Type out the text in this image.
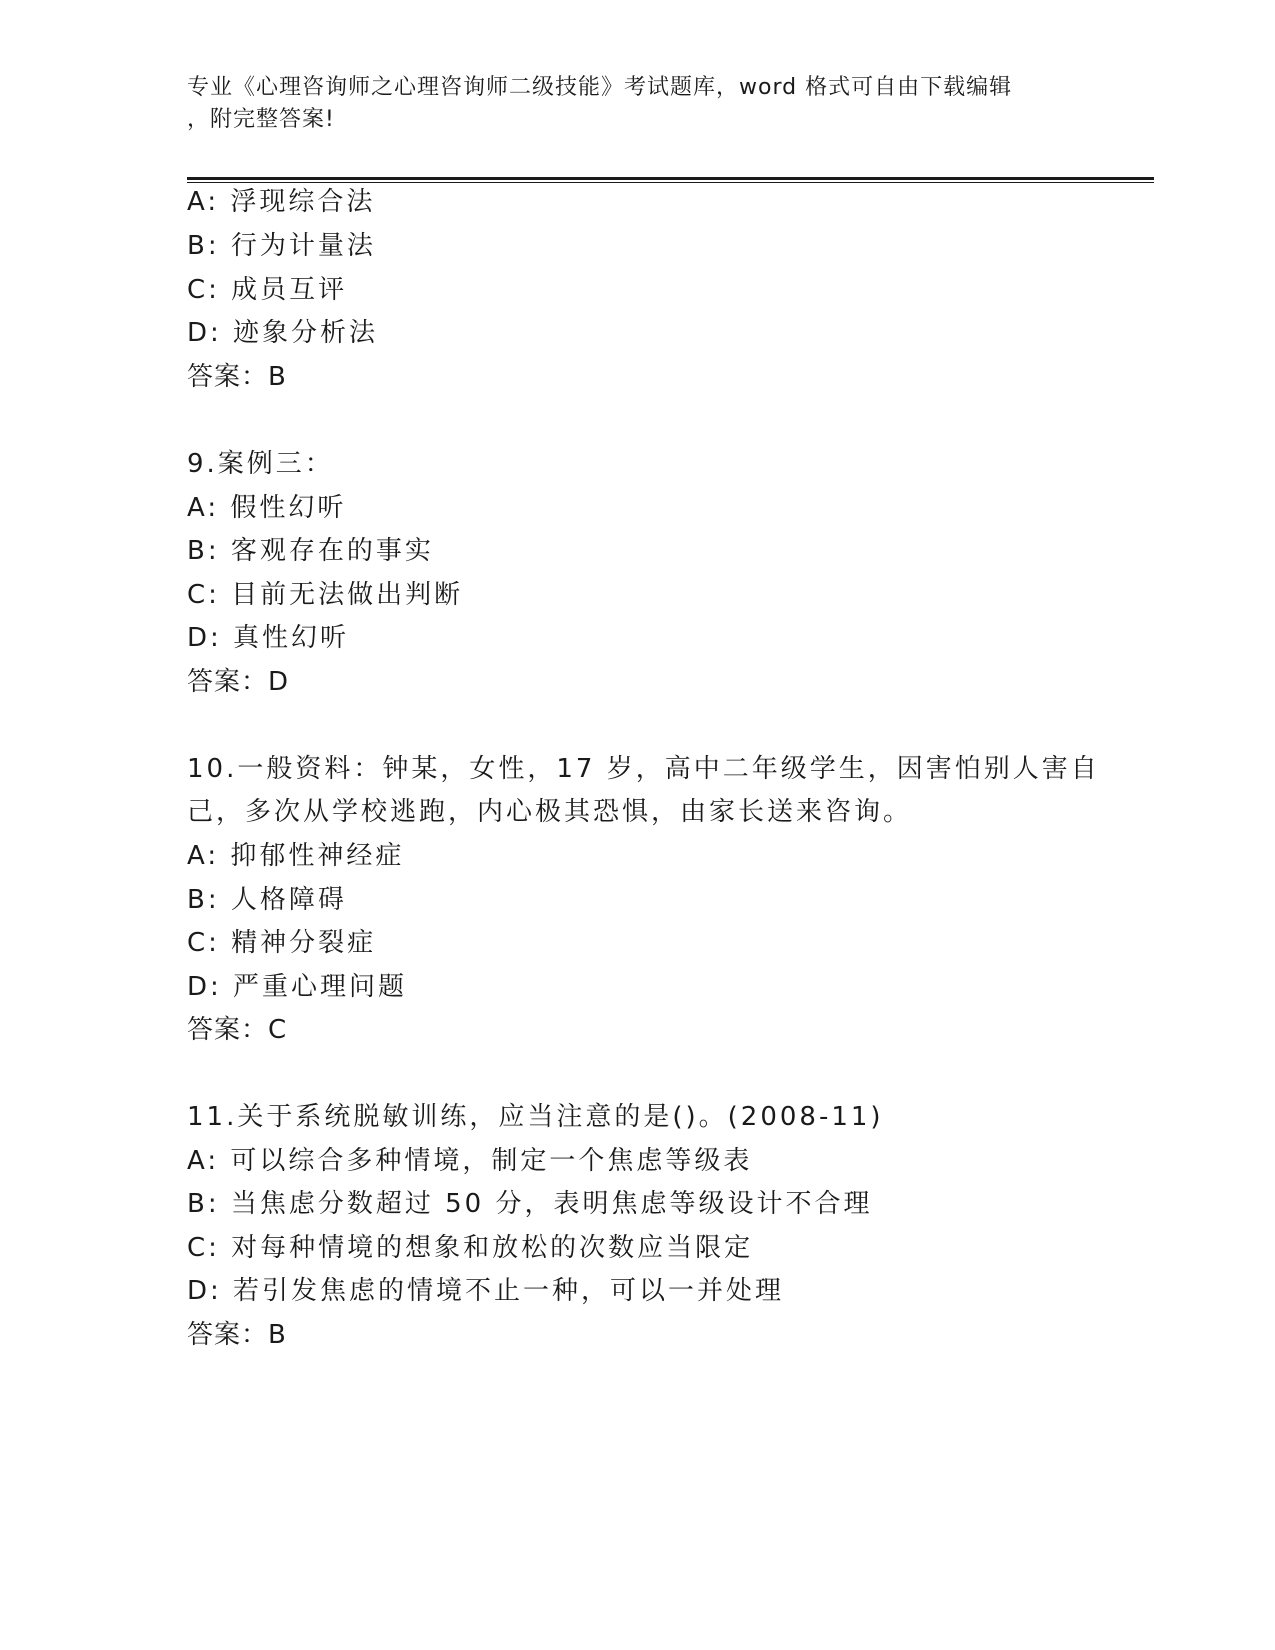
专业《心理咨询师之心理咨询师二级技能》考试题库，word 格式可自由下载编辑
，附完整答案!
A: 浮现综合法
B: 行为计量法
C: 成员互评
D: 迹象分析法
答案：B
9.案例三：
A: 假性幻听
B: 客观存在的事实
C: 目前无法做出判断
D: 真性幻听
答案：D
10.一般资料：钟某，女性，17 岁，高中二年级学生，因害怕别人害自
己，多次从学校逃跑，内心极其恐惧，由家长送来咨询。
A: 抑郁性神经症
B: 人格障碍
C: 精神分裂症
D: 严重心理问题
答案：C
11.关于系统脱敏训练，应当注意的是()。(2008-11)
A: 可以综合多种情境，制定一个焦虑等级表
B: 当焦虑分数超过 50 分，表明焦虑等级设计不合理
C: 对每种情境的想象和放松的次数应当限定
D: 若引发焦虑的情境不止一种，可以一并处理
答案：B
